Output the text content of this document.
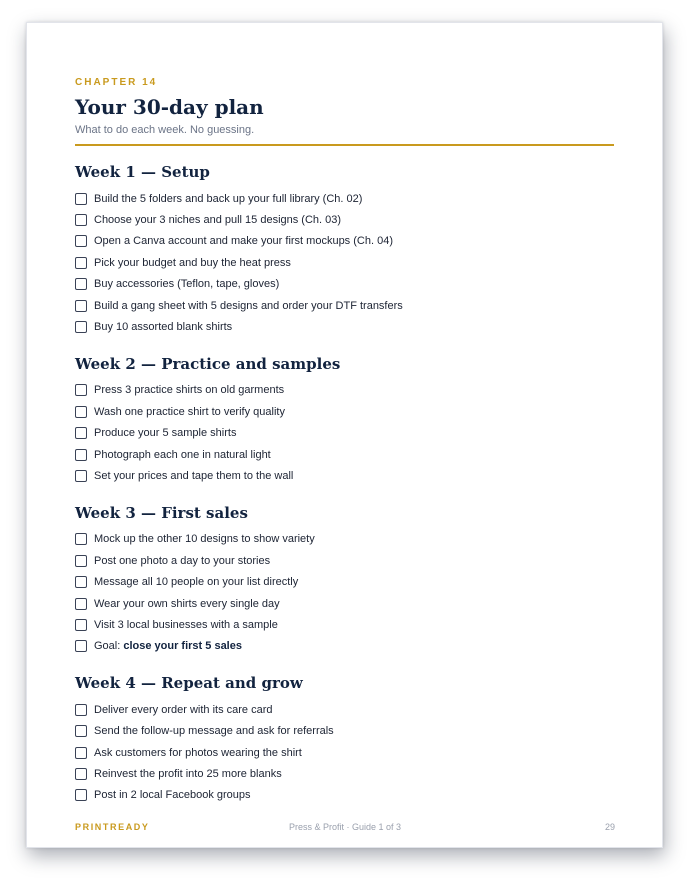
CHAPTER 14

Your 30-day plan

What to do each week. No guessing.

Week 1 — Setup
Build the 5 folders and back up your full library (Ch. 02)
Choose your 3 niches and pull 15 designs (Ch. 03)
Open a Canva account and make your first mockups (Ch. 04)
Pick your budget and buy the heat press
Buy accessories (Teflon, tape, gloves)
Build a gang sheet with 5 designs and order your DTF transfers
Buy 10 assorted blank shirts
Week 2 — Practice and samples
Press 3 practice shirts on old garments
Wash one practice shirt to verify quality
Produce your 5 sample shirts
Photograph each one in natural light
Set your prices and tape them to the wall
Week 3 — First sales
Mock up the other 10 designs to show variety
Post one photo a day to your stories
Message all 10 people on your list directly
Wear your own shirts every single day
Visit 3 local businesses with a sample
Goal: close your first 5 sales
Week 4 — Repeat and grow
Deliver every order with its care card
Send the follow-up message and ask for referrals
Ask customers for photos wearing the shirt
Reinvest the profit into 25 more blanks
Post in 2 local Facebook groups
PRINTREADY	Press & Profit · Guide 1 of 3	29
